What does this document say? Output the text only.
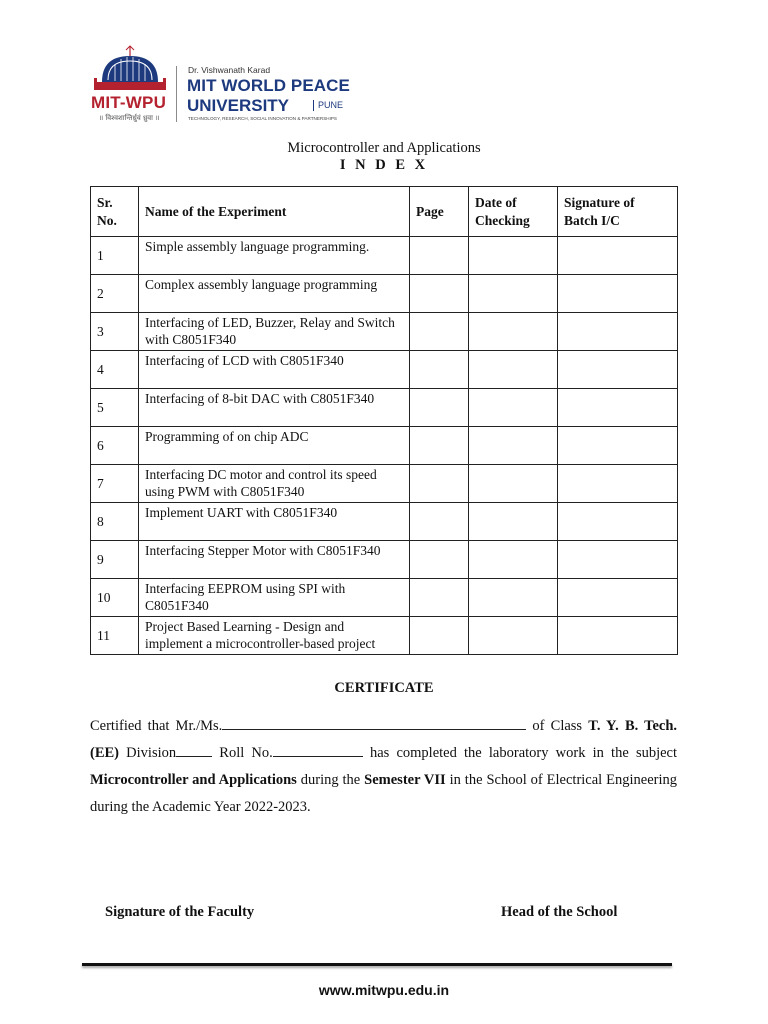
MIT-WPU
॥ विश्वशान्तिर्ध्रुवं ध्रुवा ॥
Dr. Vishwanath Karad
MIT WORLD PEACE
UNIVERSITY	PUNE
TECHNOLOGY, RESEARCH, SOCIAL INNOVATION & PARTNERSHIPS
Microcontroller and Applications
I N D E X
Sr. No.	Name of the Experiment	Page	Date of Checking	Signature of Batch I/C
1	Simple assembly language programming.			
2	Complex assembly language programming			
3	Interfacing of LED, Buzzer, Relay and Switch with C8051F340			
4	Interfacing of LCD with C8051F340			
5	Interfacing of 8-bit DAC with C8051F340			
6	Programming of on chip ADC			
7	Interfacing DC motor and control its speed using PWM with C8051F340			
8	Implement UART with C8051F340			
9	Interfacing Stepper Motor with C8051F340			
10	Interfacing EEPROM using SPI with C8051F340			
11	Project Based Learning - Design and implement a microcontroller-based project			
CERTIFICATE
Certified that Mr./Ms.	of Class T. Y. B. Tech. (EE) Division Roll No.	has completed the laboratory work in the subject Microcontroller and Applications during the Semester VII in the School of Electrical Engineering during the Academic Year 2022-2023.
Signature of the Faculty	Head of the School
www.mitwpu.edu.in
